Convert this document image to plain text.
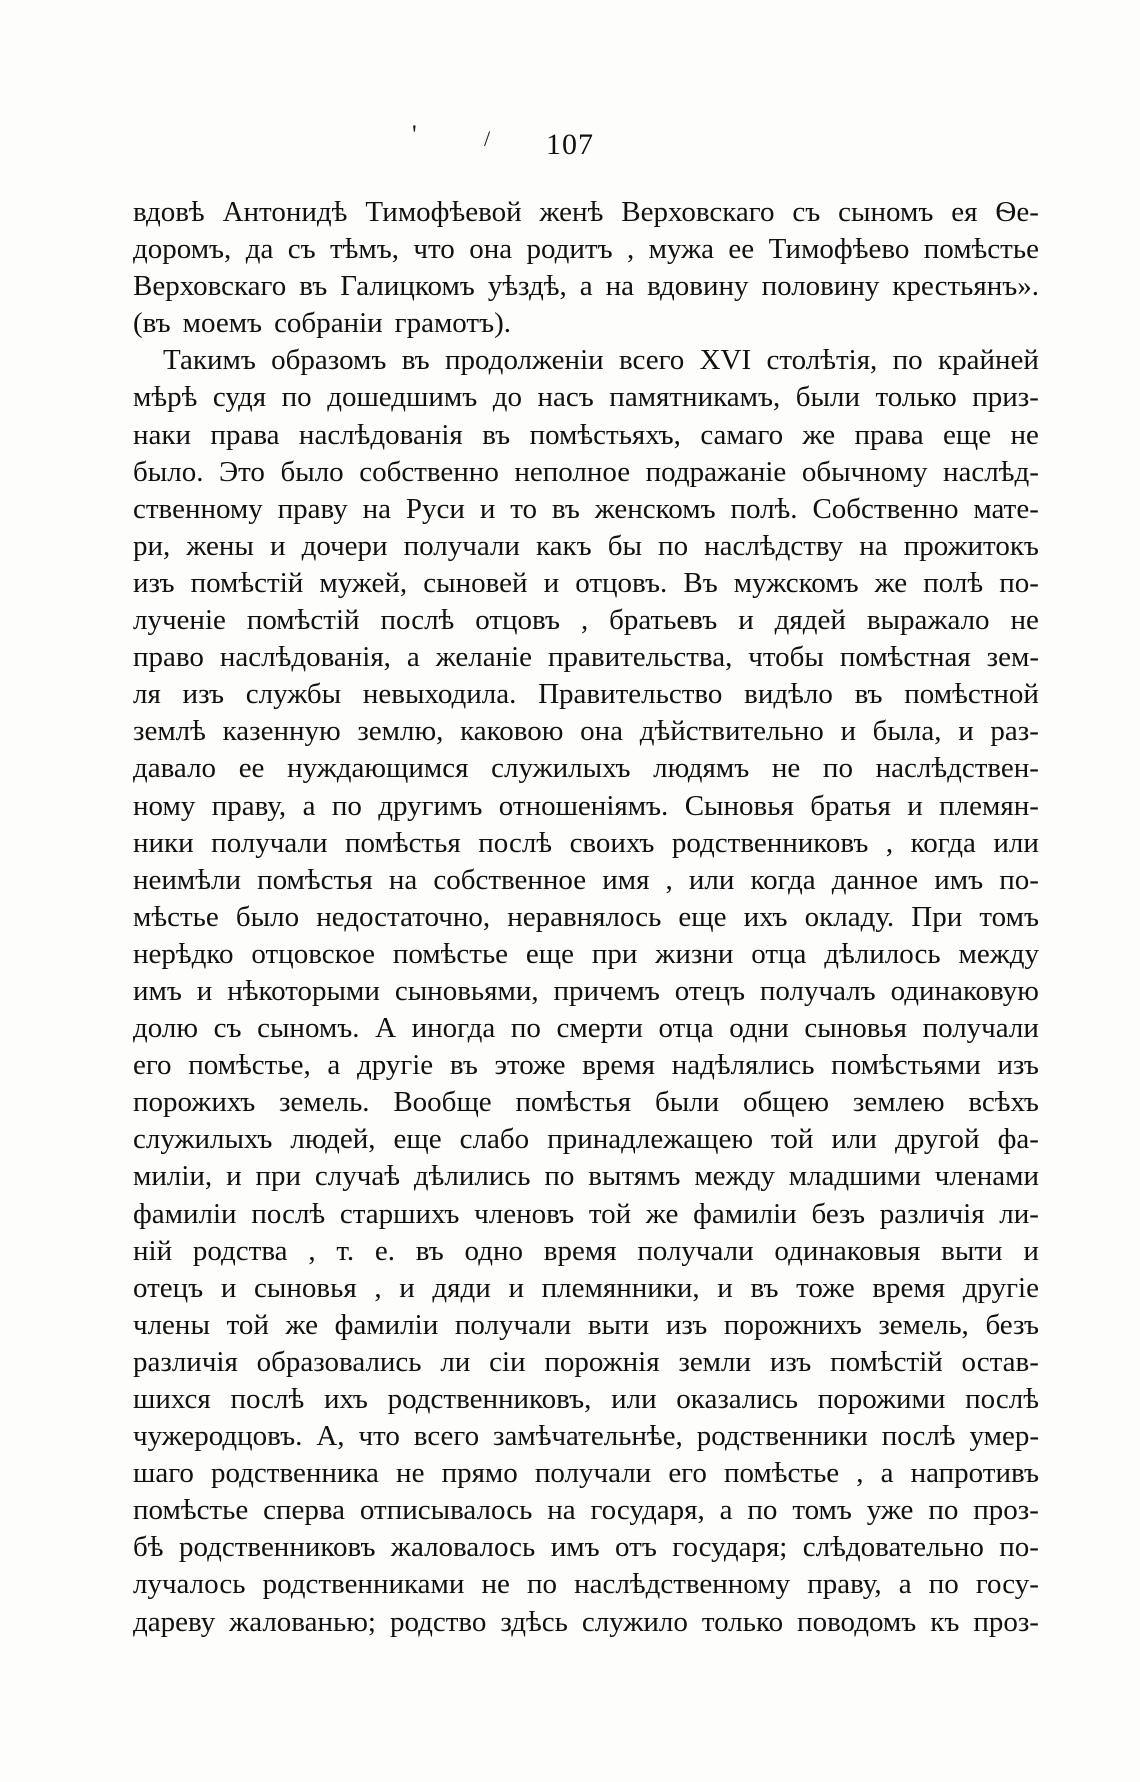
'	/	107
вдовѣ Антонидѣ Тимофѣевой женѣ Верховскаго съ сыномъ ея Ѳе-
доромъ, да съ тѣмъ, что она родитъ , мужа ее Тимофѣево помѣстье
Верховскаго въ Галицкомъ уѣздѣ, а на вдовину половину крестьянъ».
(въ моемъ собраніи грамотъ).
Такимъ образомъ въ продолженіи всего XVI столѣтія, по крайней
мѣрѣ судя по дошедшимъ до насъ памятникамъ, были только приз-
наки права наслѣдованія въ помѣстьяхъ, самаго же права еще не
было. Это было собственно неполное подражаніе обычному наслѣд-
ственному праву на Руси и то въ женскомъ полѣ. Собственно мате-
ри, жены и дочери получали какъ бы по наслѣдству на прожитокъ
изъ помѣстій мужей, сыновей и отцовъ. Въ мужскомъ же полѣ по-
лученіе помѣстій послѣ отцовъ , братьевъ и дядей выражало не
право наслѣдованія, а желаніе правительства, чтобы помѣстная зем-
ля изъ службы невыходила. Правительство видѣло въ помѣстной
землѣ казенную землю, каковою она дѣйствительно и была, и раз-
давало ее нуждающимся служилыхъ людямъ не по наслѣдствен-
ному праву, а по другимъ отношеніямъ. Сыновья братья и племян-
ники получали помѣстья послѣ своихъ родственниковъ , когда или
неимѣли помѣстья на собственное имя , или когда данное имъ по-
мѣстье было недостаточно, неравнялось еще ихъ окладу. При томъ
нерѣдко отцовское помѣстье еще при жизни отца дѣлилось между
имъ и нѣкоторыми сыновьями, причемъ отецъ получалъ одинаковую
долю съ сыномъ. А иногда по смерти отца одни сыновья получали
его помѣстье, а другіе въ этоже время надѣлялись помѣстьями изъ
порожихъ земель. Вообще помѣстья были общею землею всѣхъ
служилыхъ людей, еще слабо принадлежащею той или другой фа-
миліи, и при случаѣ дѣлились по вытямъ между младшими членами
фамиліи послѣ старшихъ членовъ той же фамиліи безъ различія ли-
ній родства , т. е. въ одно время получали одинаковыя выти и
отецъ и сыновья , и дяди и племянники, и въ тоже время другіе
члены той же фамиліи получали выти изъ порожнихъ земель, безъ
различія образовались ли сіи порожнія земли изъ помѣстій остав-
шихся послѣ ихъ родственниковъ, или оказались порожими послѣ
чужеродцовъ. А, что всего замѣчательнѣе, родственники послѣ умер-
шаго родственника не прямо получали его помѣстье , а напротивъ
помѣстье сперва отписывалось на государя, а по томъ уже по проз-
бѣ родственниковъ жаловалось имъ отъ государя; слѣдовательно по-
лучалось родственниками не по наслѣдственному праву, а по госу-
дареву жалованью; родство здѣсь служило только поводомъ къ проз-
